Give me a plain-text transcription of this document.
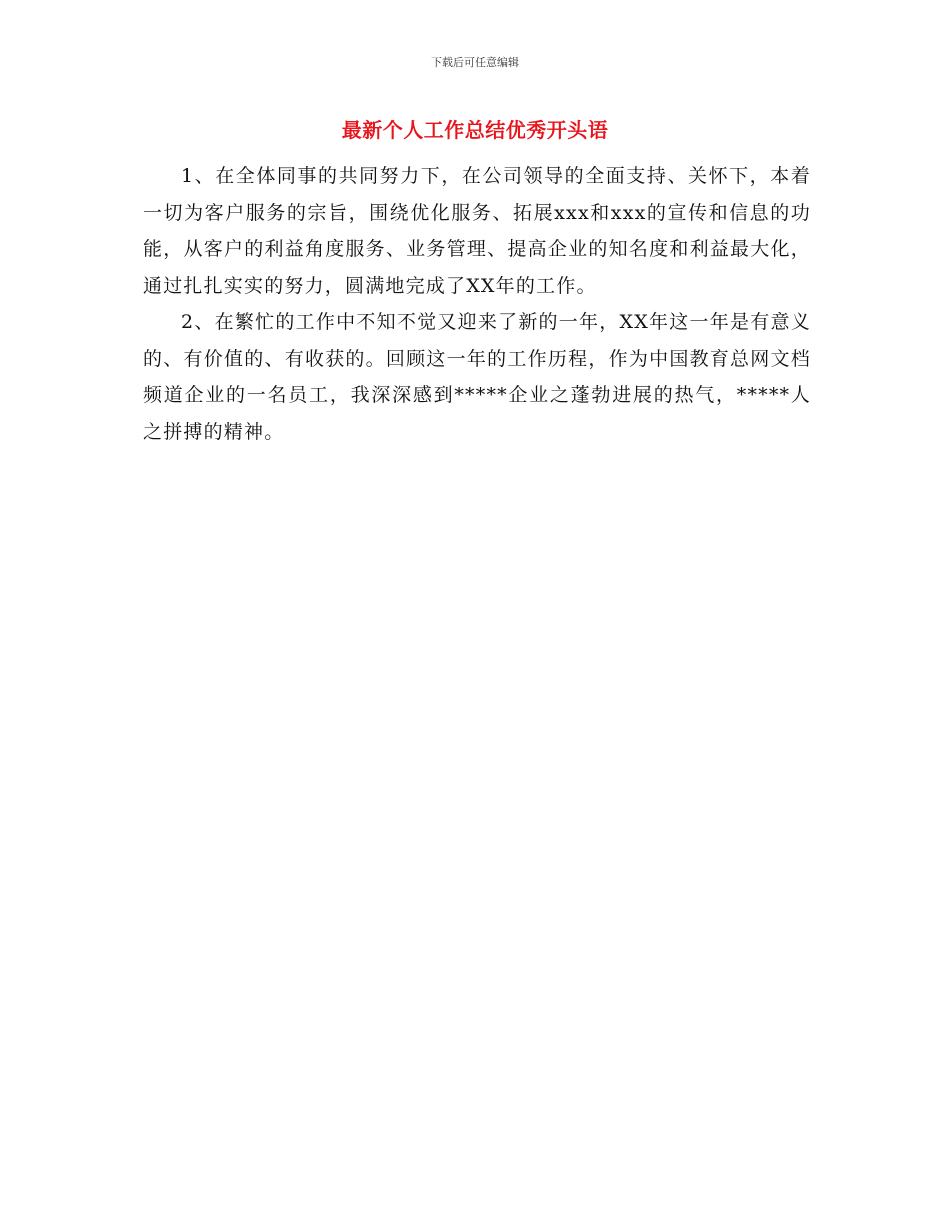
下载后可任意编辑
最新个人工作总结优秀开头语

1、在全体同事的共同努力下，在公司领导的全面支持、关怀下，本着一切为客户服务的宗旨，围绕优化服务、拓展xxx和xxx的宣传和信息的功能，从客户的利益角度服务、业务管理、提高企业的知名度和利益最大化，通过扎扎实实的努力，圆满地完成了XX年的工作。

2、在繁忙的工作中不知不觉又迎来了新的一年，XX年这一年是有意义的、有价值的、有收获的。回顾这一年的工作历程，作为中国教育总网文档频道企业的一名员工，我深深感到*****企业之蓬勃进展的热气，*****人之拼搏的精神。
